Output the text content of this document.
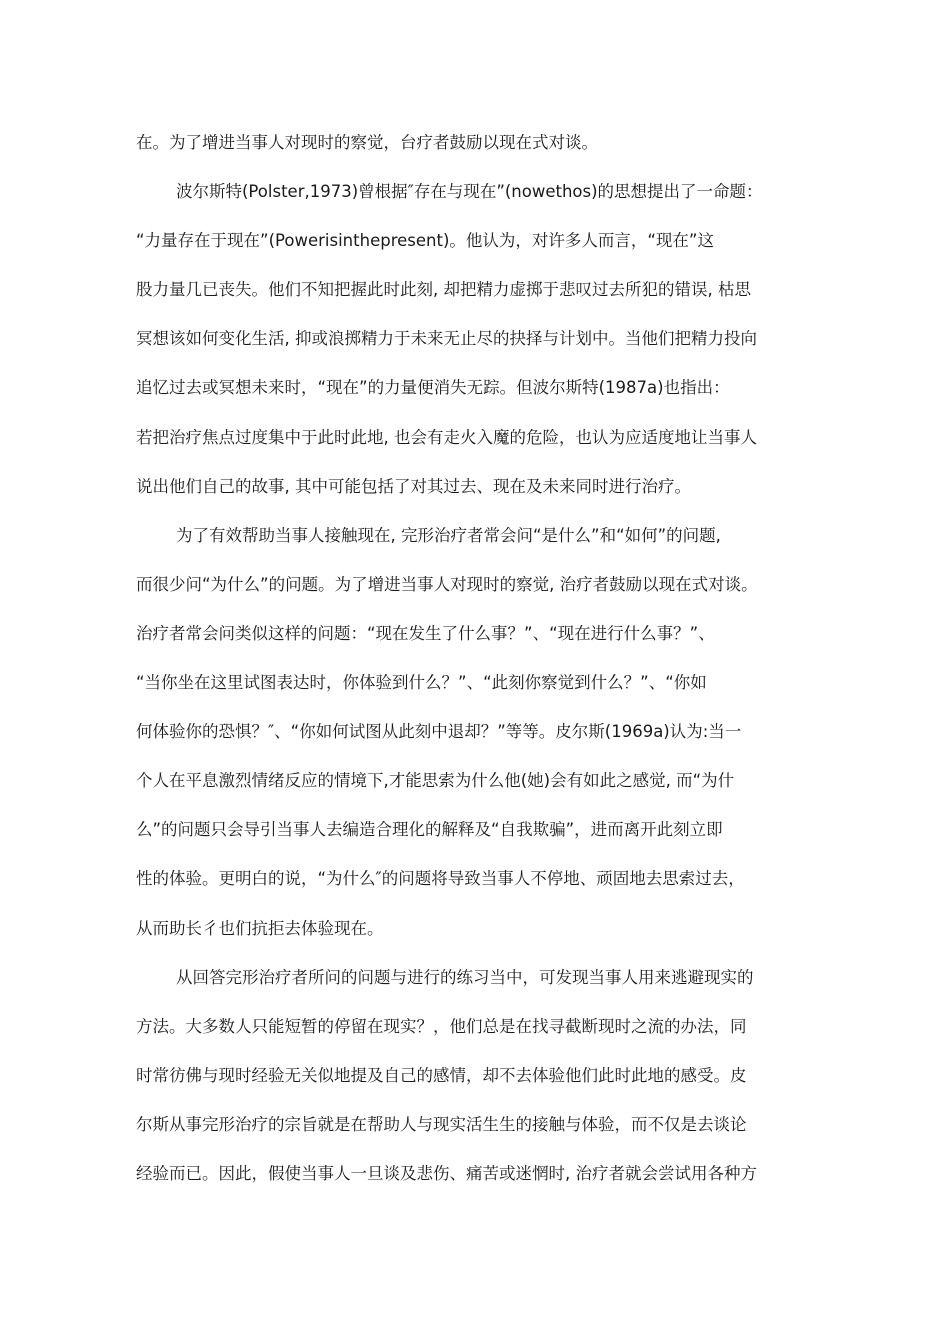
在。为了增进当事人对现时的察觉，台疗者鼓励以现在式对谈。
波尔斯特(Polster,1973)曾根据″存在与现在”(nowethos)的思想提出了一命题：
“力量存在于现在”(Powerisinthepresent)。他认为，对许多人而言，“现在”这
股力量几已丧失。他们不知把握此时此刻, 却把精力虚掷于悲叹过去所犯的错误, 枯思
冥想该如何变化生活, 抑或浪掷精力于未来无止尽的抉择与计划中。当他们把精力投向
追忆过去或冥想未来时，“现在”的力量便消失无踪。但波尔斯特(1987a)也指出：
若把治疗焦点过度集中于此时此地, 也会有走火入魔的危险，也认为应适度地让当事人
说出他们自己的故事, 其中可能包括了对其过去、现在及未来同时进行治疗。
为了有效帮助当事人接触现在, 完形治疗者常会问“是什么”和“如何”的问题,
而很少问“为什么”的问题。为了增进当事人对现时的察觉, 治疗者鼓励以现在式对谈。
治疗者常会问类似这样的问题：“现在发生了什么事？”、“现在进行什么事？”、
“当你坐在这里试图表达时，你体验到什么？”、“此刻你察觉到什么？”、“你如
何体验你的恐惧？″、“你如何试图从此刻中退却？”等等。皮尔斯(1969a)认为:当一
个人在平息激烈情绪反应的情境下,才能思索为什么他(她)会有如此之感觉, 而“为什
么”的问题只会导引当事人去编造合理化的解释及“自我欺骗”，进而离开此刻立即
性的体验。更明白的说，“为什么″的问题将导致当事人不停地、顽固地去思索过去，
从而助长彳也们抗拒去体验现在。
从回答完形治疗者所问的问题与进行的练习当中，可发现当事人用来逃避现实的
方法。大多数人只能短暂的停留在现实？，他们总是在找寻截断现时之流的办法，同
时常彷佛与现时经验无关似地提及自己的感情，却不去体验他们此时此地的感受。皮
尔斯从事完形治疗的宗旨就是在帮助人与现实活生生的接触与体验，而不仅是去谈论
经验而已。因此，假使当事人一旦谈及悲伤、痛苦或迷惘时, 治疗者就会尝试用各种方
